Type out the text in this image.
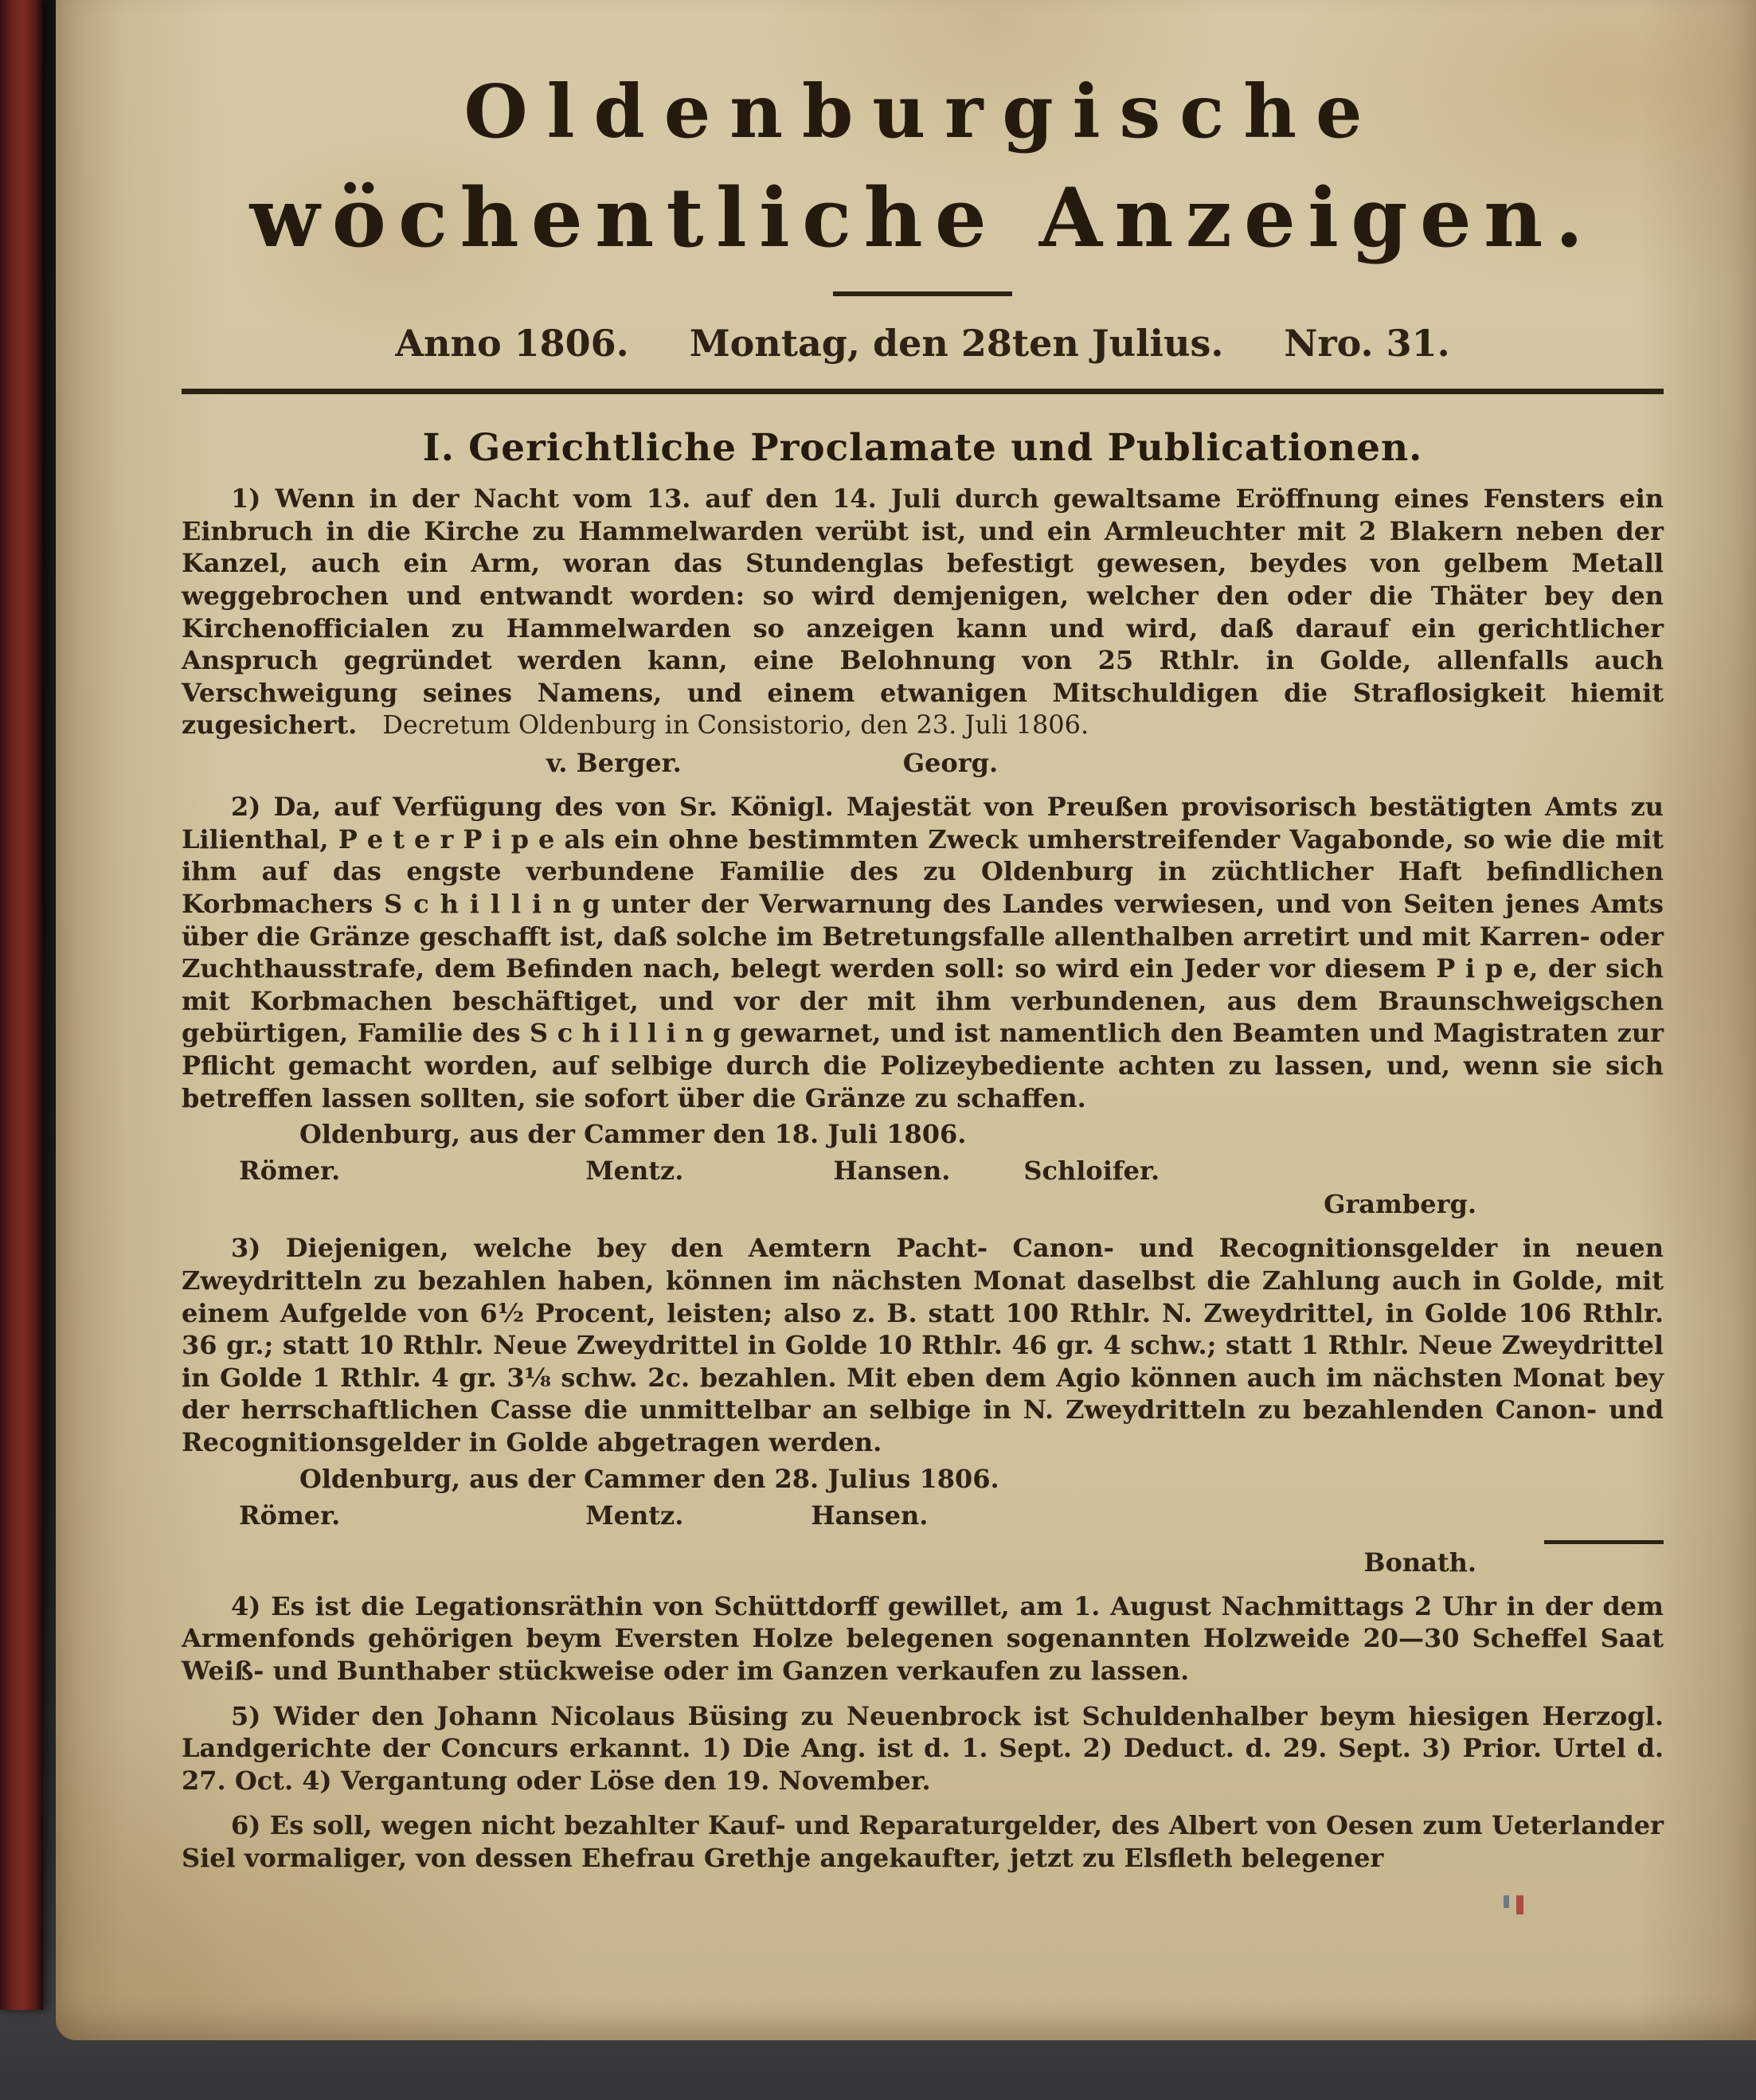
Oldenburgische
wöchentliche Anzeigen.
Anno 1806. Montag, den 28ten Julius. Nro. 31.
I. Gerichtliche Proclamate und Publicationen.

1) Wenn in der Nacht vom 13. auf den 14. Juli durch gewaltsame Eröffnung eines Fensters ein Einbruch in die Kirche zu Hammelwarden verübt ist, und ein Armleuchter mit 2 Blakern neben der Kanzel, auch ein Arm, woran das Stundenglas befestigt gewesen, beydes von gelbem Metall weggebrochen und entwandt worden: so wird demjenigen, welcher den oder die Thäter bey den Kirchenofficialen zu Hammelwarden so anzeigen kann und wird, daß darauf ein gerichtlicher Anspruch gegründet werden kann, eine Belohnung von 25 Rthlr. in Golde, allenfalls auch Verschweigung seines Namens, und einem etwanigen Mitschuldigen die Straflosigkeit hiemit zugesichert.  Decretum Oldenburg in Consistorio, den 23. Juli 1806.

v. Berger.	Georg.

2) Da, auf Verfügung des von Sr. Königl. Majestät von Preußen provisorisch bestätigten Amts zu Lilienthal, P e t e r P i p e als ein ohne bestimmten Zweck umherstreifender Vagabonde, so wie die mit ihm auf das engste verbundene Familie des zu Oldenburg in züchtlicher Haft befindlichen Korbmachers S c h i l l i n g unter der Verwarnung des Landes verwiesen, und von Seiten jenes Amts über die Gränze geschafft ist, daß solche im Betretungsfalle allenthalben arretirt und mit Karren- oder Zuchthausstrafe, dem Befinden nach, belegt werden soll: so wird ein Jeder vor diesem P i p e, der sich mit Korbmachen beschäftiget, und vor der mit ihm verbundenen, aus dem Braunschweigschen gebürtigen, Familie des S c h i l l i n g gewarnet, und ist namentlich den Beamten und Magistraten zur Pflicht gemacht worden, auf selbige durch die Polizeybediente achten zu lassen, und, wenn sie sich betreffen lassen sollten, sie sofort über die Gränze zu schaffen.

Oldenburg, aus der Cammer den 18. Juli 1806.

Römer.	Mentz.	Hansen.	Schloifer.
Gramberg.

3) Diejenigen, welche bey den Aemtern Pacht- Canon- und Recognitionsgelder in neuen Zweydritteln zu bezahlen haben, können im nächsten Monat daselbst die Zahlung auch in Golde, mit einem Aufgelde von 6½ Procent, leisten; also z. B. statt 100 Rthlr. N. Zweydrittel, in Golde 106 Rthlr. 36 gr.; statt 10 Rthlr. Neue Zweydrittel in Golde 10 Rthlr. 46 gr. 4 schw.; statt 1 Rthlr. Neue Zweydrittel in Golde 1 Rthlr. 4 gr. 3⅛ schw. 2c. bezahlen. Mit eben dem Agio können auch im nächsten Monat bey der herrschaftlichen Casse die unmittelbar an selbige in N. Zweydritteln zu bezahlenden Canon- und Recognitionsgelder in Golde abgetragen werden.

Oldenburg, aus der Cammer den 28. Julius 1806.

Römer.	Mentz.	Hansen.
Bonath.

4) Es ist die Legationsräthin von Schüttdorff gewillet, am 1. August Nachmittags 2 Uhr in der dem Armenfonds gehörigen beym Eversten Holze belegenen sogenannten Holzweide 20—30 Scheffel Saat Weiß- und Bunthaber stückweise oder im Ganzen verkaufen zu lassen.

5) Wider den Johann Nicolaus Büsing zu Neuenbrock ist Schuldenhalber beym hiesigen Herzogl. Landgerichte der Concurs erkannt. 1) Die Ang. ist d. 1. Sept. 2) Deduct. d. 29. Sept. 3) Prior. Urtel d. 27. Oct. 4) Vergantung oder Löse den 19. November.

6) Es soll, wegen nicht bezahlter Kauf- und Reparaturgelder, des Albert von Oesen zum Ueterlander Siel vormaliger, von dessen Ehefrau Grethje angekaufter, jetzt zu Elsfleth belegener
